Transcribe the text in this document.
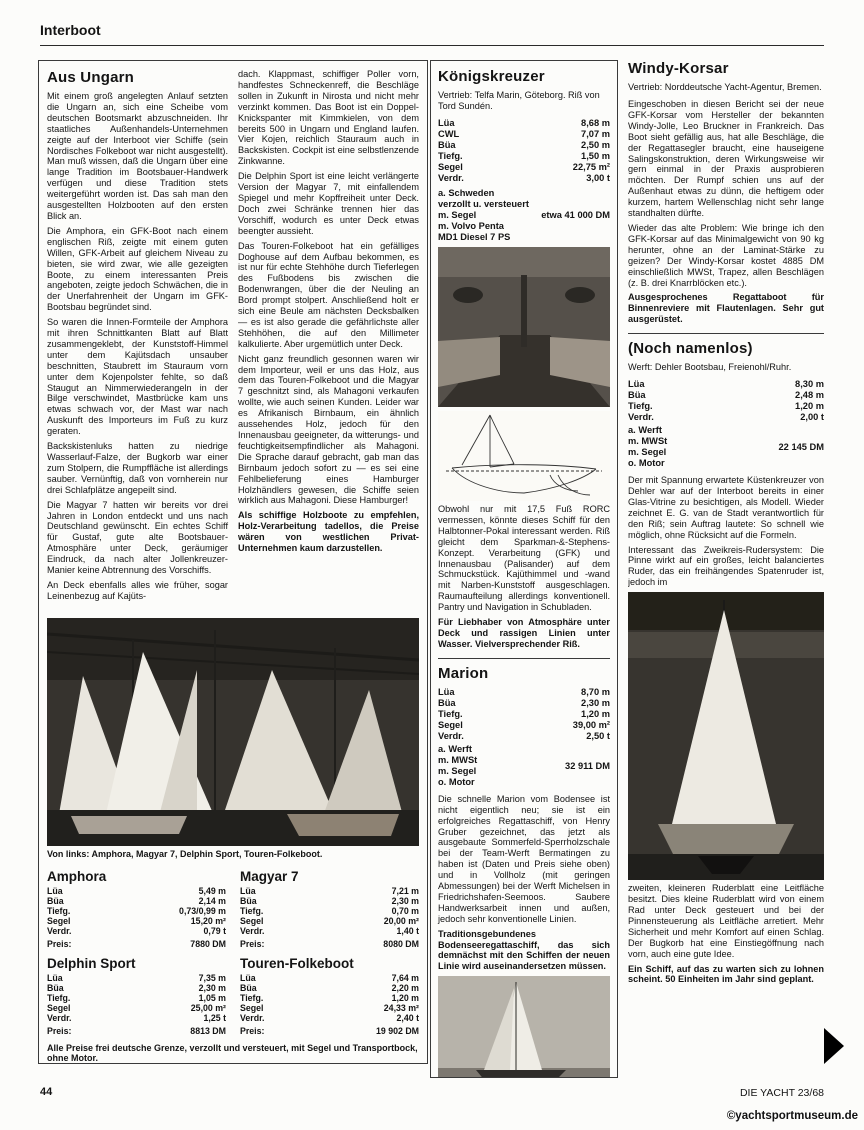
Interboot
Aus Ungarn

Mit einem groß angelegten Anlauf setzten die Ungarn an, sich eine Scheibe vom deutschen Bootsmarkt abzuschneiden. Ihr staatliches Außenhandels-Unternehmen zeigte auf der Interboot vier Schiffe (sein Nordisches Folkeboot war nicht ausgestellt). Man muß wissen, daß die Ungarn über eine lange Tradition im Bootsbauer-Handwerk verfügen und diese Tradition stets weitergeführt worden ist. Das sah man den ausgestellten Holzbooten auf den ersten Blick an.

Die Amphora, ein GFK-Boot nach einem englischen Riß, zeigte mit einem guten Willen, GFK-Arbeit auf gleichem Niveau zu bieten, sie wird zwar, wie alle gezeigten Boote, zu einem interessanten Preis angeboten, zeigte jedoch Schwächen, die in der Unerfahrenheit der Ungarn im GFK-Bootsbau begründet sind.

So waren die Innen-Formteile der Amphora mit ihren Schnittkanten Blatt auf Blatt zusammengeklebt, der Kunststoff-Himmel unter dem Kajütsdach unsauber beschnitten, Staubrett im Stauraum vorn unter dem Kojenpolster fehlte, so daß Staugut an Nimmerwiederangeln in der Bilge verschwindet, Mastbrücke kam uns etwas schwach vor, der Mast war nach Auskunft des Importeurs im Fuß zu kurz geraten.

Backskistenluks hatten zu niedrige Wasserlauf-Falze, der Bugkorb war einer zum Stolpern, die Rumpffläche ist allerdings sauber. Vernünftig, daß von vornherein nur drei Schlafplätze angepeilt sind.

Die Magyar 7 hatten wir bereits vor drei Jahren in London entdeckt und uns nach Deutschland gewünscht. Ein echtes Schiff für Gustaf, gute alte Bootsbauer-Atmosphäre unter Deck, geräumiger Eindruck, da nach alter Jollenkreuzer-Manier keine Abtrennung des Vorschiffs.

An Deck ebenfalls alles wie früher, sogar Leinenbezug auf Kajüts-

dach. Klappmast, schiffiger Poller vorn, handfestes Schneckenreff, die Beschläge sollen in Zukunft in Nirosta und nicht mehr verzinkt kommen. Das Boot ist ein Doppel-Knickspanter mit Kimmkielen, von dem bereits 500 in Ungarn und England laufen. Vier Kojen, reichlich Stauraum auch in Backskisten. Cockpit ist eine selbstlenzende Zinkwanne.

Die Delphin Sport ist eine leicht verlängerte Version der Magyar 7, mit einfallendem Spiegel und mehr Kopffreiheit unter Deck. Doch zwei Schränke trennen hier das Vorschiff, wodurch es unter Deck etwas beengter aussieht.

Das Touren-Folkeboot hat ein gefälliges Doghouse auf dem Aufbau bekommen, es ist nur für echte Stehhöhe durch Tieferlegen des Fußbodens bis zwischen die Bodenwrangen, über die der Neuling an Bord prompt stolpert. Anschließend holt er sich eine Beule am nächsten Decksbalken — es ist also gerade die gefährlichste aller Stehhöhen, die auf den Millimeter kalkulierte. Aber urgemütlich unter Deck.

Nicht ganz freundlich gesonnen waren wir dem Importeur, weil er uns das Holz, aus dem das Touren-Folkeboot und die Magyar 7 geschnitzt sind, als Mahagoni verkaufen wollte, wie auch seinen Kunden. Leider war es Afrikanisch Birnbaum, ein ähnlich aussehendes Holz, jedoch für den Innenausbau geeigneter, da witterungs- und feuchtigkeitsempfindlicher als Mahagoni. Die Sprache darauf gebracht, gab man das Birnbaum jedoch sofort zu — es sei eine Fehlbelieferung eines Hamburger Holzhändlers gewesen, die Schiffe seien wirklich aus Mahagoni. Diese Hamburger!

Als schiffige Holzboote zu empfehlen, Holz-Verarbeitung tadellos, die Preise wären von westlichen Privat-Unternehmen kaum darzustellen.

Von links: Amphora, Magyar 7, Delphin Sport, Touren-Folkeboot.

Amphora
Lüa	5,49 m
Büa	2,14 m
Tiefg.	0,73/0,99 m
Segel	15,20 m²
Verdr.	0,79 t
Preis:	7880 DM
Magyar 7
Lüa	7,21 m
Büa	2,30 m
Tiefg.	0,70 m
Segel	20,00 m²
Verdr.	1,40 t
Preis:	8080 DM
Delphin Sport
Lüa	7,35 m
Büa	2,30 m
Tiefg.	1,05 m
Segel	25,00 m²
Verdr.	1,25 t
Preis:	8813 DM
Touren-Folkeboot
Lüa	7,64 m
Büa	2,20 m
Tiefg.	1,20 m
Segel	24,33 m²
Verdr.	2,40 t
Preis:	19 902 DM

Alle Preise frei deutsche Grenze, verzollt und versteuert, mit Segel und Transportbock, ohne Motor.

Königskreuzer

Vertrieb: Telfa Marin, Göteborg. Riß von Tord Sundén.

Lüa	8,68 m
CWL	7,07 m
Büa	2,50 m
Tiefg.	1,50 m
Segel	22,75 m²
Verdr.	3,00 t
a. Schweden
verzollt u. versteuert
m. Segel	etwa 41 000 DM
m. Volvo Penta
MD1 Diesel 7 PS

Obwohl nur mit 17,5 Fuß RORC vermessen, könnte dieses Schiff für den Halbtonner-Pokal interessant werden. Riß gleicht dem Sparkman-&-Stephens-Konzept. Verarbeitung (GFK) und Innenausbau (Palisander) auf dem Schmuckstück. Kajüthimmel und -wand mit Narben-Kunststoff ausgeschlagen. Raumaufteilung allerdings konventionell. Pantry und Navigation in Schubladen.

Für Liebhaber von Atmosphäre unter Deck und rassigen Linien unter Wasser. Vielversprechender Riß.

Marion
Lüa	8,70 m
Büa	2,30 m
Tiefg.	1,20 m
Segel	39,00 m²
Verdr.	2,50 t
a. Werft
m. MWSt
m. Segel
o. Motor
32 911 DM

Die schnelle Marion vom Bodensee ist nicht eigentlich neu; sie ist ein erfolgreiches Regattaschiff, von Henry Gruber gezeichnet, das jetzt als ausgebaute Sommerfeld-Sperrholzschale bei der Team-Werft Bermatingen zu haben ist (Daten und Preis siehe oben) und in Vollholz (mit geringen Abmessungen) bei der Werft Michelsen in Friedrichshafen-Seemoos. Saubere Handwerksarbeit innen und außen, jedoch sehr konventionelle Linien.

Traditionsgebundenes Bodenseeregattaschiff, das sich demnächst mit den Schiffen der neuen Linie wird auseinandersetzen müssen.

Windy-Korsar

Vertrieb: Norddeutsche Yacht-Agentur, Bremen.

Eingeschoben in diesen Bericht sei der neue GFK-Korsar vom Hersteller der bekannten Windy-Jolle, Leo Bruckner in Frankreich. Das Boot sieht gefällig aus, hat alle Beschläge, die der Regattasegler braucht, eine hauseigene Salingskonstruktion, deren Wirkungsweise wir gern einmal in der Praxis ausprobieren möchten. Der Rumpf schien uns auf der Außenhaut etwas zu dünn, die heftigem oder kurzem, hartem Wellenschlag nicht sehr lange standhalten dürfte.

Wieder das alte Problem: Wie bringe ich den GFK-Korsar auf das Minimalgewicht von 90 kg herunter, ohne an der Laminat-Stärke zu geizen? Der Windy-Korsar kostet 4885 DM einschließlich MWSt, Trapez, allen Beschlägen (z. B. drei Knarrblöcken etc.).

Ausgesprochenes Regattaboot für Binnenreviere mit Flautenlagen. Sehr gut ausgerüstet.

(Noch namenlos)

Werft: Dehler Bootsbau, Freienohl/Ruhr.

Lüa	8,30 m
Büa	2,48 m
Tiefg.	1,20 m
Verdr.	2,00 t
a. Werft
m. MWSt
m. Segel
o. Motor
22 145 DM

Der mit Spannung erwartete Küstenkreuzer von Dehler war auf der Interboot bereits in einer Glas-Vitrine zu besichtigen, als Modell. Wieder zeichnet E. G. van de Stadt verantwortlich für den Riß; sein Auftrag lautete: So schnell wie möglich, ohne Rücksicht auf die Formeln.

Interessant das Zweikreis-Rudersystem: Die Pinne wirkt auf ein großes, leicht balanciertes Ruder, das ein freihängendes Spatenruder ist, jedoch im

zweiten, kleineren Ruderblatt eine Leitfläche besitzt. Dies kleine Ruderblatt wird von einem Rad unter Deck gesteuert und bei der Pinnensteuerung als Leitfläche arretiert. Mehr Sicherheit und mehr Komfort auf einen Schlag. Der Bugkorb hat eine Einstiegöffnung nach vorn, auch eine gute Idee.

Ein Schiff, auf das zu warten sich zu lohnen scheint. 50 Einheiten im Jahr sind geplant.

44	DIE YACHT 23/68
©yachtsportmuseum.de
